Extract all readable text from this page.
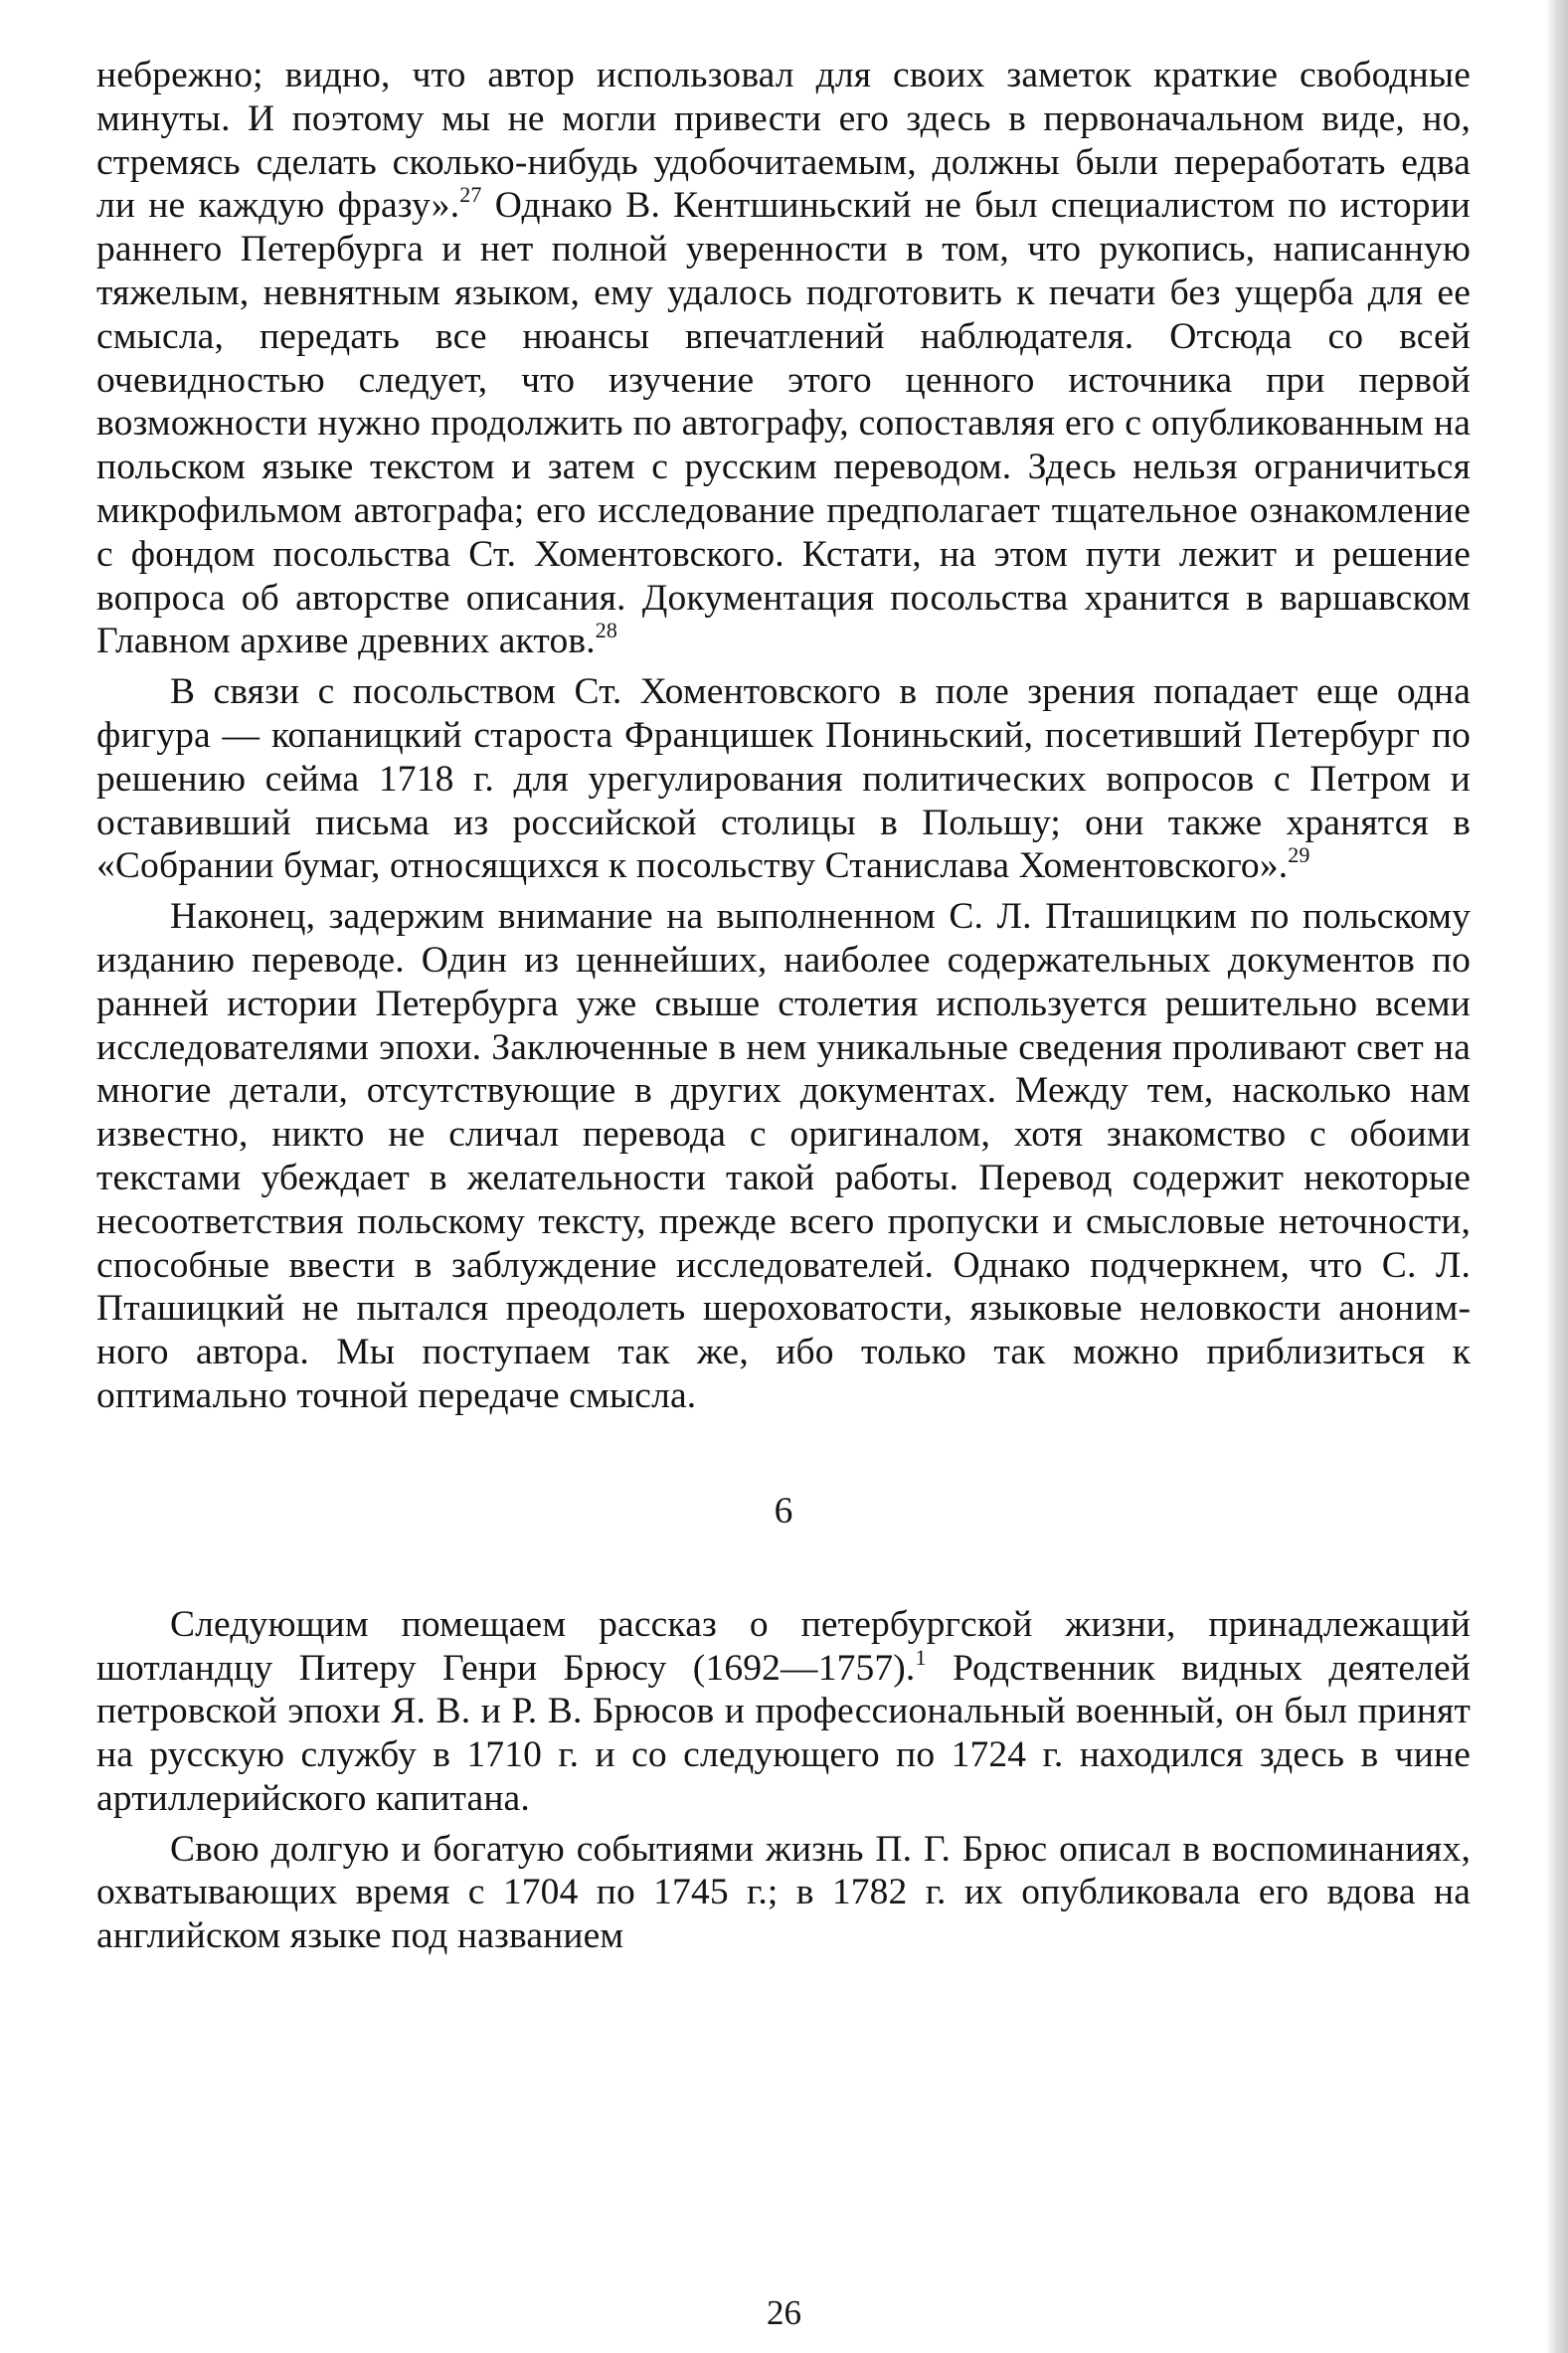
небрежно; видно, что автор использовал для своих заметок краткие свободные минуты. И поэтому мы не могли привести его здесь в первоначальном виде, но, стремясь сделать сколько-нибудь удобочитаемым, должны были переработать едва ли не каждую фразу».$^{27}$ Однако В. Кентшиньский не был специалистом по истории раннего Петербурга и нет полной уверенности в том, что рукопись, написанную тяжелым, невнятным языком, ему удалось подготовить к печати без ущерба для ее смысла, передать все нюансы впечатлений наблюдателя. Отсюда со всей очевидностью следует, что изучение этого ценного источника при первой возможности нужно продолжить по автографу, сопоставляя его с опубликованным на польском языке текстом и затем с русским переводом. Здесь нельзя ограничиться микрофильмом автографа; его исследование предполагает тщательное ознакомление с фондом посольства Ст. Хоментовского. Кстати, на этом пути лежит и решение вопроса об авторстве описания. Документация посольства хранится в варшавском Главном архиве древних актов.$^{28}$

В связи с посольством Ст. Хоментовского в поле зрения попадает еще одна фигура — копаницкий староста Францишек Пониньский, посетивший Петербург по решению сейма 1718 г. для урегулирования политических вопросов с Петром и оставивший письма из российской столицы в Польшу; они также хранятся в «Собрании бумаг, относящихся к посольству Станислава Хоментовского».$^{29}$

Наконец, задержим внимание на выполненном С. Л. Пташицким по польскому изданию переводе. Один из ценнейших, наиболее содержательных документов по ранней истории Петербурга уже свыше столетия используется решительно всеми исследователями эпохи. Заключенные в нем уникальные сведения проливают свет на многие детали, отсутствующие в других документах. Между тем, насколько нам известно, никто не сличал перевода с оригиналом, хотя знакомство с обоими текстами убеждает в желательности такой работы. Перевод содержит некоторые несоответствия польскому тексту, прежде всего пропуски и смысловые неточности, способные ввести в заблуждение исследователей. Однако подчеркнем, что С. Л. Пташицкий не пытался преодолеть шероховатости, языковые неловкости анонимного автора. Мы поступаем так же, ибо только так можно приблизиться к оптимально точной передаче смысла.

6

Следующим помещаем рассказ о петербургской жизни, принадлежащий шотландцу Питеру Генри Брюсу (1692—1757).$^1$ Родственник видных деятелей петровской эпохи Я. В. и Р. В. Брюсов и профессиональный военный, он был принят на русскую службу в 1710 г. и со следующего по 1724 г. находился здесь в чине артиллерийского капитана.

Свою долгую и богатую событиями жизнь П. Г. Брюс описал в воспоминаниях, охватывающих время с 1704 по 1745 г.; в 1782 г. их опубликовала его вдова на английском языке под названием

26
